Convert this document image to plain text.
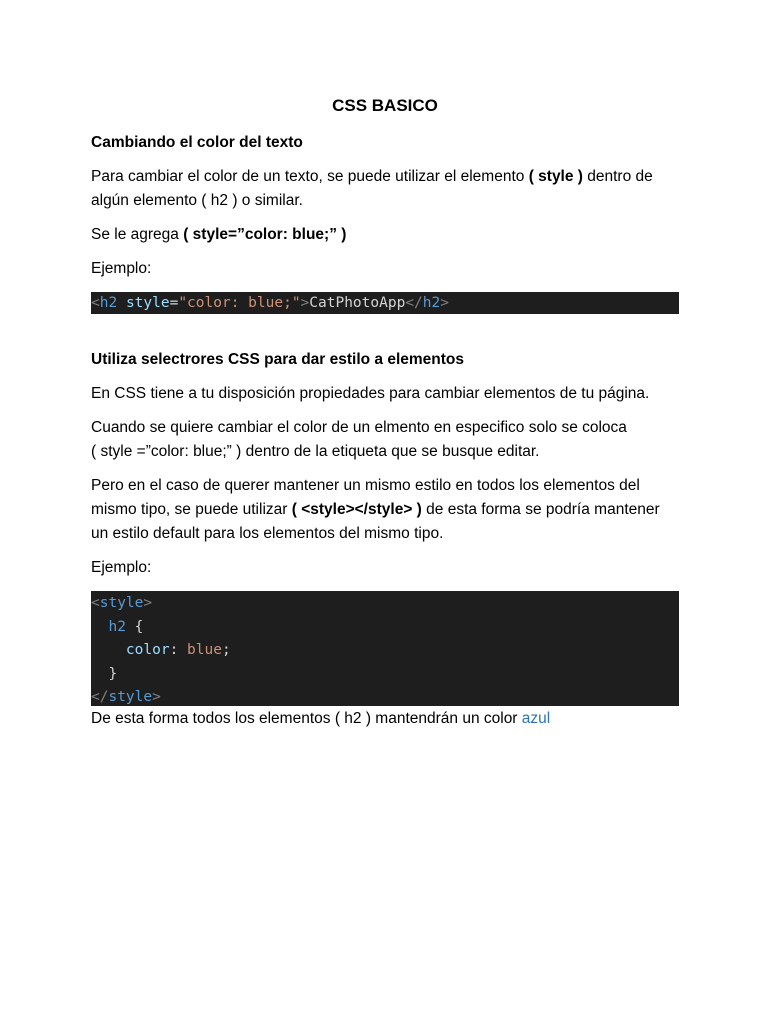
CSS BASICO

Cambiando el color del texto

Para cambiar el color de un texto, se puede utilizar el elemento ( style ) dentro de algún elemento ( h2 ) o similar.

Se le agrega ( style=”color: blue;” )

Ejemplo:

<h2 style="color: blue;">CatPhotoApp</h2>

Utiliza selectrores CSS para dar estilo a elementos

En CSS tiene a tu disposición propiedades para cambiar elementos de tu página.

Cuando se quiere cambiar el color de un elmento en especifico solo se coloca
( style =”color: blue;” ) dentro de la etiqueta que se busque editar.

Pero en el caso de querer mantener un mismo estilo en todos los elementos del mismo tipo, se puede utilizar ( <style></style> ) de esta forma se podría mantener un estilo default para los elementos del mismo tipo.

Ejemplo:

<style>
h2 {
color: blue;
}
</style>

De esta forma todos los elementos ( h2 ) mantendrán un color azul
